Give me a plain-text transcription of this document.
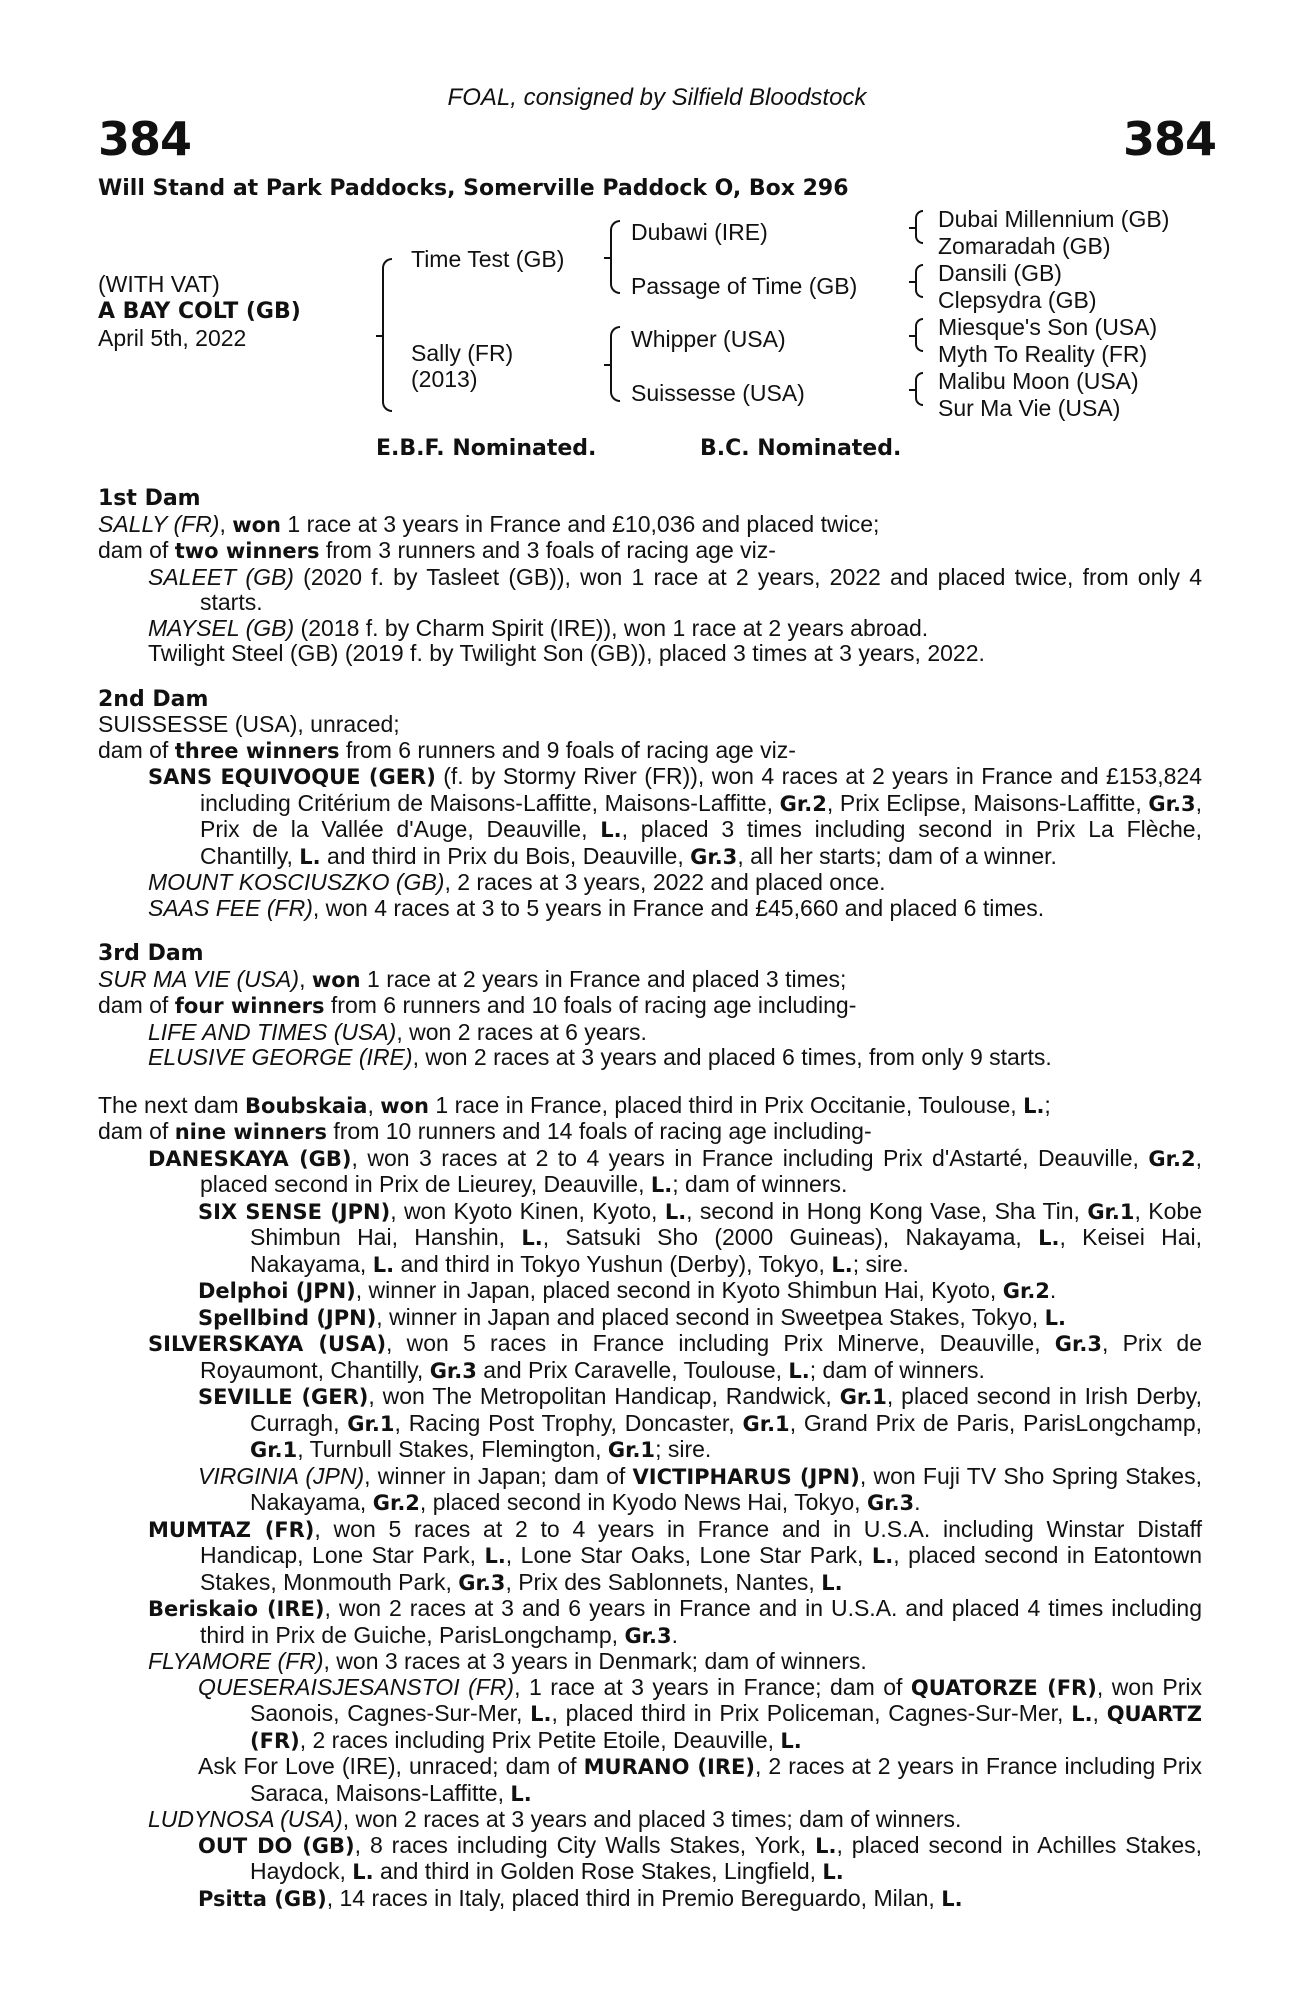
FOAL, consigned by Silfield Bloodstock
384	384
Will Stand at Park Paddocks, Somerville Paddock O, Box 296
(WITH VAT)
A BAY COLT (GB)
April 5th, 2022
Time Test (GB)
Sally (FR)
(2013)
Dubawi (IRE)
Passage of Time (GB)
Whipper (USA)
Suissesse (USA)
Dubai Millennium (GB)
Zomaradah (GB)
Dansili (GB)
Clepsydra (GB)
Miesque's Son (USA)
Myth To Reality (FR)
Malibu Moon (USA)
Sur Ma Vie (USA)
E.B.F. Nominated.	B.C. Nominated.
1st Dam
SALLY (FR), won 1 race at 3 years in France and £10,036 and placed twice;
dam of two winners from 3 runners and 3 foals of racing age viz-
SALEET (GB) (2020 f. by Tasleet (GB)), won 1 race at 2 years, 2022 and placed twice, from only 4 starts.
MAYSEL (GB) (2018 f. by Charm Spirit (IRE)), won 1 race at 2 years abroad.
Twilight Steel (GB) (2019 f. by Twilight Son (GB)), placed 3 times at 3 years, 2022.
2nd Dam
SUISSESSE (USA), unraced;
dam of three winners from 6 runners and 9 foals of racing age viz-
SANS EQUIVOQUE (GER) (f. by Stormy River (FR)), won 4 races at 2 years in France and £153,824 including Critérium de Maisons-Laffitte, Maisons-Laffitte, Gr.2, Prix Eclipse, Maisons-Laffitte, Gr.3, Prix de la Vallée d'Auge, Deauville, L., placed 3 times including second in Prix La Flèche, Chantilly, L. and third in Prix du Bois, Deauville, Gr.3, all her starts; dam of a winner.
MOUNT KOSCIUSZKO (GB), 2 races at 3 years, 2022 and placed once.
SAAS FEE (FR), won 4 races at 3 to 5 years in France and £45,660 and placed 6 times.
3rd Dam
SUR MA VIE (USA), won 1 race at 2 years in France and placed 3 times;
dam of four winners from 6 runners and 10 foals of racing age including-
LIFE AND TIMES (USA), won 2 races at 6 years.
ELUSIVE GEORGE (IRE), won 2 races at 3 years and placed 6 times, from only 9 starts.
The next dam Boubskaia, won 1 race in France, placed third in Prix Occitanie, Toulouse, L.;
dam of nine winners from 10 runners and 14 foals of racing age including-
DANESKAYA (GB), won 3 races at 2 to 4 years in France including Prix d'Astarté, Deauville, Gr.2, placed second in Prix de Lieurey, Deauville, L.; dam of winners.
SIX SENSE (JPN), won Kyoto Kinen, Kyoto, L., second in Hong Kong Vase, Sha Tin, Gr.1, Kobe Shimbun Hai, Hanshin, L., Satsuki Sho (2000 Guineas), Nakayama, L., Keisei Hai, Nakayama, L. and third in Tokyo Yushun (Derby), Tokyo, L.; sire.
Delphoi (JPN), winner in Japan, placed second in Kyoto Shimbun Hai, Kyoto, Gr.2.
Spellbind (JPN), winner in Japan and placed second in Sweetpea Stakes, Tokyo, L.
SILVERSKAYA (USA), won 5 races in France including Prix Minerve, Deauville, Gr.3, Prix de Royaumont, Chantilly, Gr.3 and Prix Caravelle, Toulouse, L.; dam of winners.
SEVILLE (GER), won The Metropolitan Handicap, Randwick, Gr.1, placed second in Irish Derby, Curragh, Gr.1, Racing Post Trophy, Doncaster, Gr.1, Grand Prix de Paris, ParisLongchamp, Gr.1, Turnbull Stakes, Flemington, Gr.1; sire.
VIRGINIA (JPN), winner in Japan; dam of VICTIPHARUS (JPN), won Fuji TV Sho Spring Stakes, Nakayama, Gr.2, placed second in Kyodo News Hai, Tokyo, Gr.3.
MUMTAZ (FR), won 5 races at 2 to 4 years in France and in U.S.A. including Winstar Distaff Handicap, Lone Star Park, L., Lone Star Oaks, Lone Star Park, L., placed second in Eatontown Stakes, Monmouth Park, Gr.3, Prix des Sablonnets, Nantes, L.
Beriskaio (IRE), won 2 races at 3 and 6 years in France and in U.S.A. and placed 4 times including third in Prix de Guiche, ParisLongchamp, Gr.3.
FLYAMORE (FR), won 3 races at 3 years in Denmark; dam of winners.
QUESERAISJESANSTOI (FR), 1 race at 3 years in France; dam of QUATORZE (FR), won Prix Saonois, Cagnes-Sur-Mer, L., placed third in Prix Policeman, Cagnes-Sur-Mer, L., QUARTZ (FR), 2 races including Prix Petite Etoile, Deauville, L.
Ask For Love (IRE), unraced; dam of MURANO (IRE), 2 races at 2 years in France including Prix Saraca, Maisons-Laffitte, L.
LUDYNOSA (USA), won 2 races at 3 years and placed 3 times; dam of winners.
OUT DO (GB), 8 races including City Walls Stakes, York, L., placed second in Achilles Stakes, Haydock, L. and third in Golden Rose Stakes, Lingfield, L.
Psitta (GB), 14 races in Italy, placed third in Premio Bereguardo, Milan, L.
